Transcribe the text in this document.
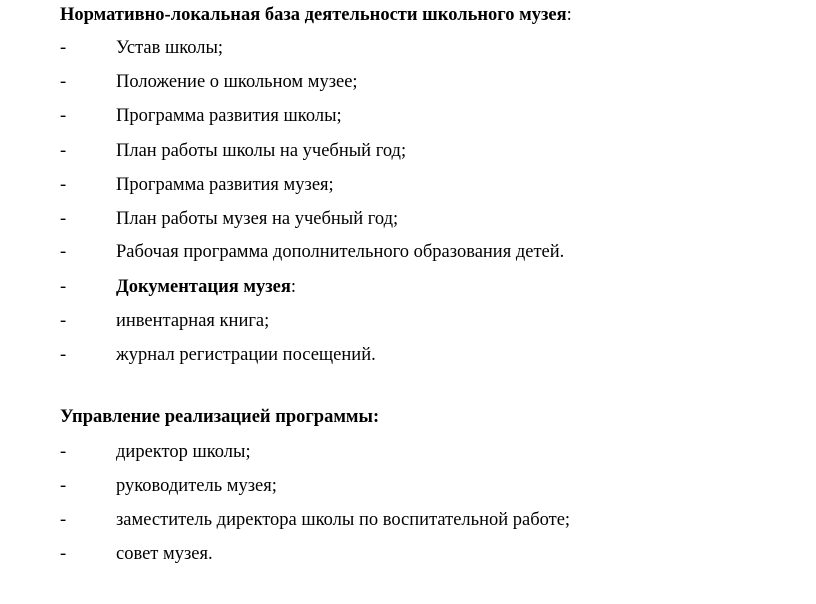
Нормативно-локальная база деятельности школьного музея:
-	Устав школы;
-	Положение о школьном музее;
-	Программа развития школы;
-	План работы школы на учебный год;
-	Программа развития музея;
-	План работы музея на учебный год;
-	Рабочая программа дополнительного образования детей.
-	Документация музея:
-	инвентарная книга;
-	журнал регистрации посещений.
Управление реализацией программы:
-	директор школы;
-	руководитель музея;
-	заместитель директора школы по воспитательной работе;
-	совет музея.
